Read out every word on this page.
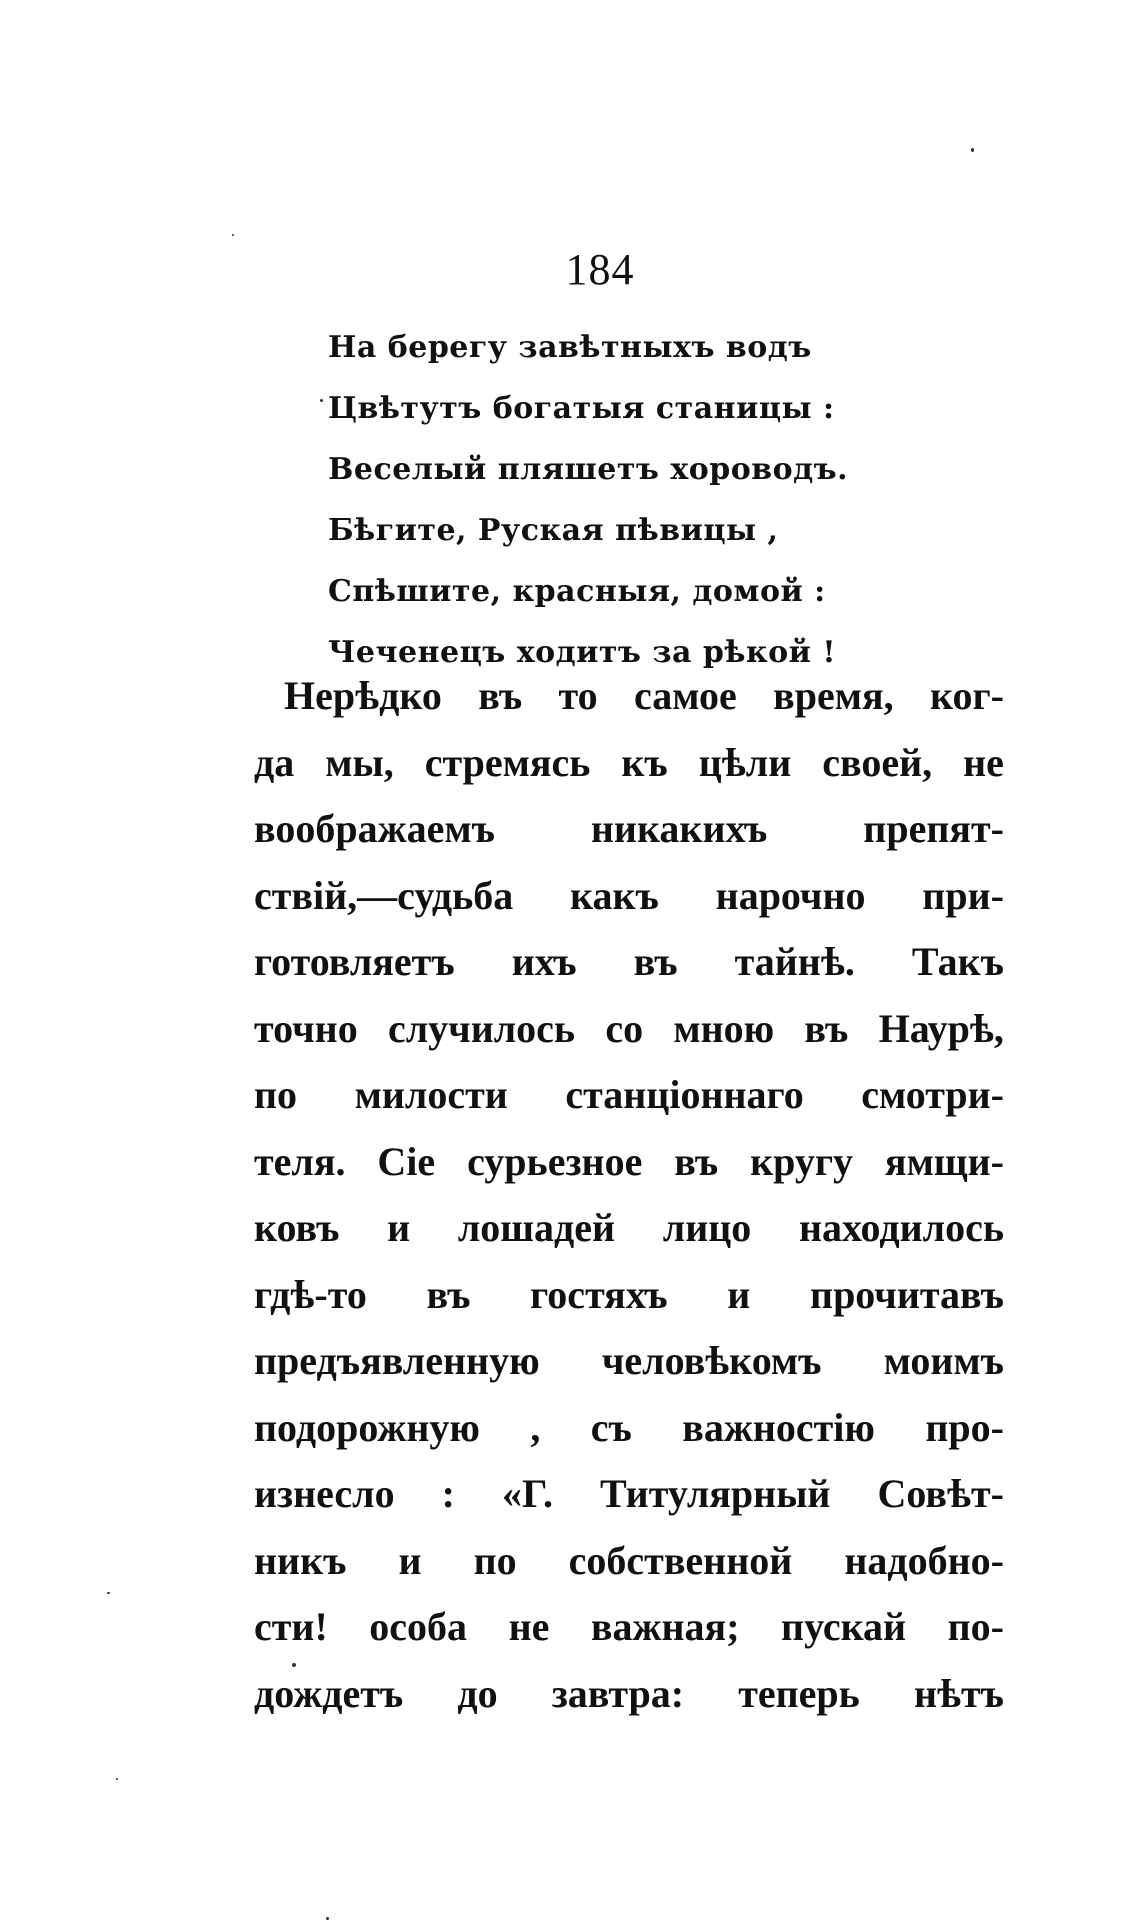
184
На берегу завѣтныхъ водъ
Цвѣтутъ богатыя станицы :
Веселый пляшетъ хороводъ.
Бѣгите, Руская пѣвицы ,
Спѣшите, красныя, домой :
Чеченецъ ходитъ за рѣкой !
Нерѣдко въ то самое время, ког-
да мы, стремясь къ цѣли своей, не
воображаемъ никакихъ препят-
ствій,—судьба какъ нарочно при-
готовляетъ ихъ въ тайнѣ. Такъ
точно случилось со мною въ Наурѣ,
по милости станціоннаго смотри-
теля. Сіе сурьезное въ кругу ямщи-
ковъ и лошадей лицо находилось
гдѣ-то въ гостяхъ и прочитавъ
предъявленную человѣкомъ моимъ
подорожную , съ важностію про-
изнесло : «Г. Титулярный Совѣт-
никъ и по собственной надобно-
сти! особа не важная; пускай по-
дождетъ до завтра: теперь нѣтъ
